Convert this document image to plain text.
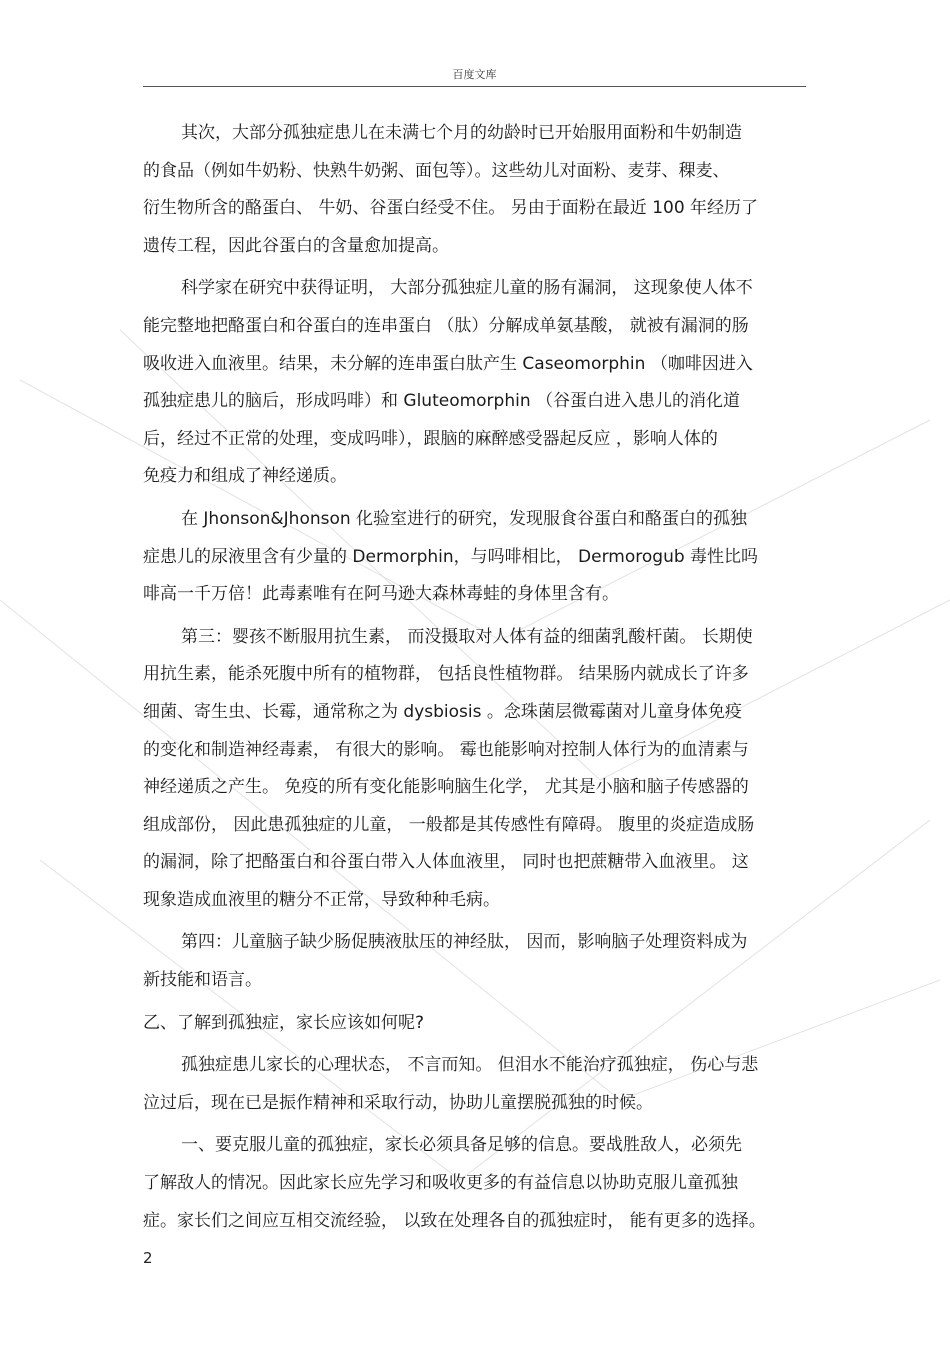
百度文库
其次，大部分孤独症患儿在未满七个月的幼龄时已开始服用面粉和牛奶制造
的食品（例如牛奶粉、快熟牛奶粥、面包等）。这些幼儿对面粉、麦芽、稞麦、
衍生物所含的酪蛋白、 牛奶、谷蛋白经受不住。 另由于面粉在最近 100 年经历了
遗传工程，因此谷蛋白的含量愈加提高。
科学家在研究中获得证明， 大部分孤独症儿童的肠有漏洞， 这现象使人体不
能完整地把酪蛋白和谷蛋白的连串蛋白 （肽）分解成单氨基酸， 就被有漏洞的肠
吸收进入血液里。结果，未分解的连串蛋白肽产生 Caseomorphin （咖啡因进入
孤独症患儿的脑后，形成吗啡）和 Gluteomorphin （谷蛋白进入患儿的消化道
后，经过不正常的处理，变成吗啡），跟脑的麻醉感受器起反应 ，影响人体的
免疫力和组成了神经递质。
在 Jhonson&Jhonson 化验室进行的研究，发现服食谷蛋白和酪蛋白的孤独
症患儿的尿液里含有少量的 Dermorphin，与吗啡相比， Dermorogub 毒性比吗
啡高一千万倍！此毒素唯有在阿马逊大森林毒蛙的身体里含有。
第三：婴孩不断服用抗生素， 而没摄取对人体有益的细菌乳酸杆菌。 长期使
用抗生素，能杀死腹中所有的植物群， 包括良性植物群。 结果肠内就成长了许多
细菌、寄生虫、长霉，通常称之为 dysbiosis 。念珠菌层微霉菌对儿童身体免疫
的变化和制造神经毒素， 有很大的影响。 霉也能影响对控制人体行为的血清素与
神经递质之产生。 免疫的所有变化能影响脑生化学， 尤其是小脑和脑子传感器的
组成部份， 因此患孤独症的儿童， 一般都是其传感性有障碍。 腹里的炎症造成肠
的漏洞，除了把酪蛋白和谷蛋白带入人体血液里， 同时也把蔗糖带入血液里。 这
现象造成血液里的糖分不正常，导致种种毛病。
第四：儿童脑子缺少肠促胰液肽压的神经肽， 因而，影响脑子处理资料成为
新技能和语言。
乙、了解到孤独症，家长应该如何呢?
孤独症患儿家长的心理状态， 不言而知。 但泪水不能治疗孤独症， 伤心与悲
泣过后，现在已是振作精神和采取行动，协助儿童摆脱孤独的时候。
一、要克服儿童的孤独症，家长必须具备足够的信息。要战胜敌人，必须先
了解敌人的情况。因此家长应先学习和吸收更多的有益信息以协助克服儿童孤独
症。家长们之间应互相交流经验， 以致在处理各自的孤独症时， 能有更多的选择。
2
